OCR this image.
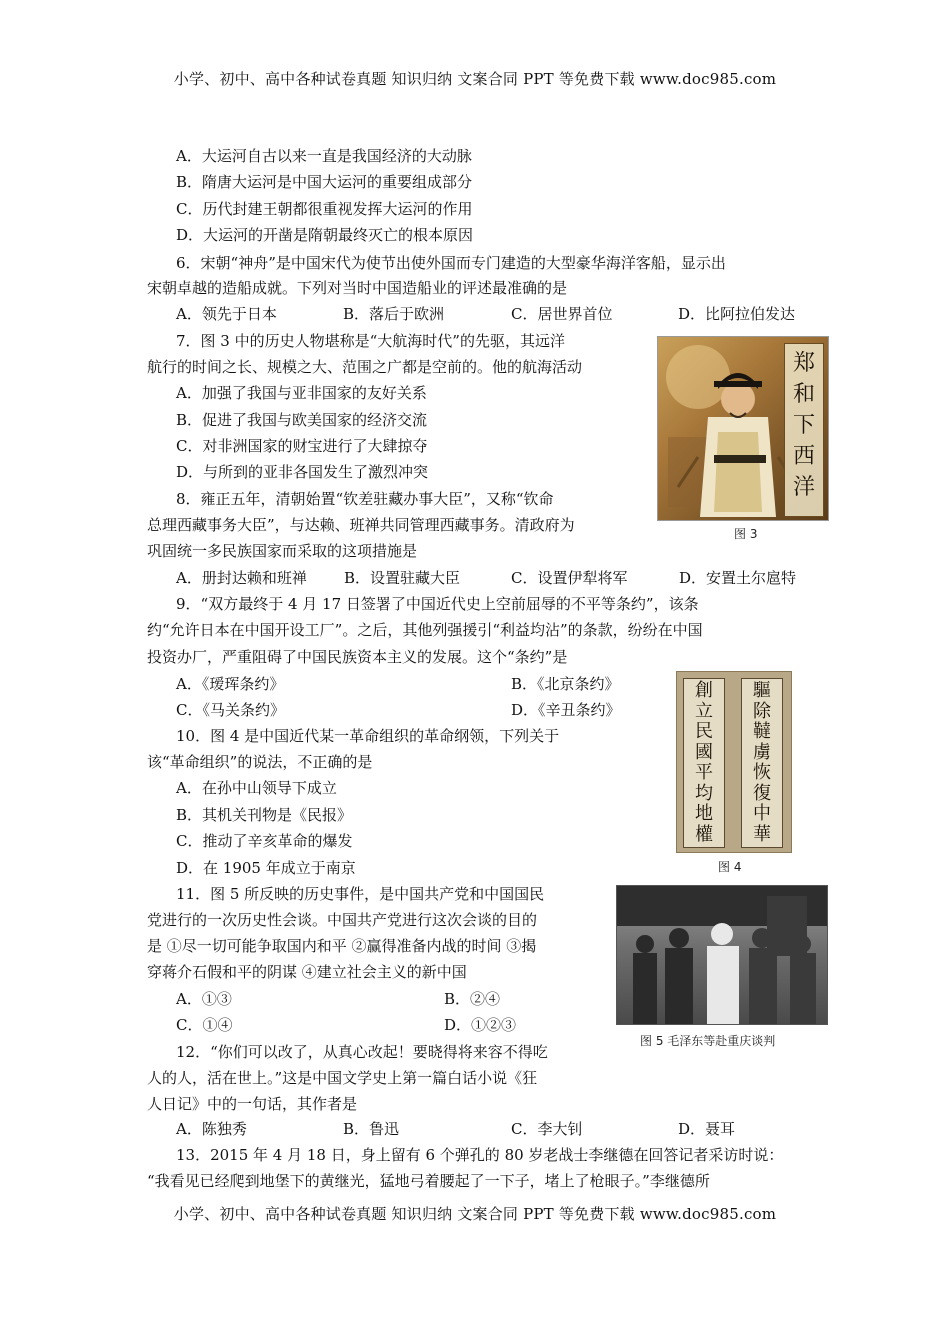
小学、初中、高中各种试卷真题 知识归纳 文案合同 PPT 等免费下载 www.doc985.com
A．大运河自古以来一直是我国经济的大动脉
B．隋唐大运河是中国大运河的重要组成部分
C．历代封建王朝都很重视发挥大运河的作用
D．大运河的开凿是隋朝最终灭亡的根本原因
6．宋朝“神舟”是中国宋代为使节出使外国而专门建造的大型豪华海洋客船，显示出
宋朝卓越的造船成就。下列对当时中国造船业的评述最准确的是
A．领先于日本	B．落后于欧洲	C．居世界首位	D．比阿拉伯发达
7．图 3 中的历史人物堪称是“大航海时代”的先驱，其远洋
航行的时间之长、规模之大、范围之广都是空前的。他的航海活动
A．加强了我国与亚非国家的友好关系
B．促进了我国与欧美国家的经济交流
C．对非洲国家的财宝进行了大肆掠夺
D．与所到的亚非各国发生了激烈冲突
郑
和
下
西
洋
图 3
8．雍正五年，清朝始置“钦差驻藏办事大臣”，又称“钦命
总理西藏事务大臣”，与达赖、班禅共同管理西藏事务。清政府为
巩固统一多民族国家而采取的这项措施是
A．册封达赖和班禅 B．设置驻藏大臣	C．设置伊犁将军	D．安置土尔扈特
9．“双方最终于 4 月 17 日签署了中国近代史上空前屈辱的不平等条约”，该条
约“允许日本在中国开设工厂”。之后，其他列强援引“利益均沾”的条款，纷纷在中国
投资办厂，严重阻碍了中国民族资本主义的发展。这个“条约”是
A．《瑷珲条约》	B．《北京条约》
C．《马关条约》	D．《辛丑条约》
創
立
民
國
平
均
地
權
驅
除
韃
虜
恢
復
中
華
图 4
10．图 4 是中国近代某一革命组织的革命纲领，下列关于
该“革命组织”的说法，不正确的是
A．在孙中山领导下成立
B．其机关刊物是《民报》
C．推动了辛亥革命的爆发
D．在 1905 年成立于南京
11．图 5 所反映的历史事件，是中国共产党和中国国民
党进行的一次历史性会谈。中国共产党进行这次会谈的目的
是 ①尽一切可能争取国内和平 ②赢得准备内战的时间 ③揭
穿蒋介石假和平的阴谋 ④建立社会主义的新中国
A．①③	B．②④
C．①④	D．①②③
图 5 毛泽东等赴重庆谈判
12．“你们可以改了，从真心改起！要晓得将来容不得吃
人的人，活在世上。”这是中国文学史上第一篇白话小说《狂
人日记》中的一句话，其作者是
A．陈独秀	B．鲁迅	C．李大钊	D．聂耳
13．2015 年 4 月 18 日，身上留有 6 个弹孔的 80 岁老战士李继德在回答记者采访时说：
“我看见已经爬到地堡下的黄继光，猛地弓着腰起了一下子，堵上了枪眼子。”李继德所
小学、初中、高中各种试卷真题 知识归纳 文案合同 PPT 等免费下载 www.doc985.com
